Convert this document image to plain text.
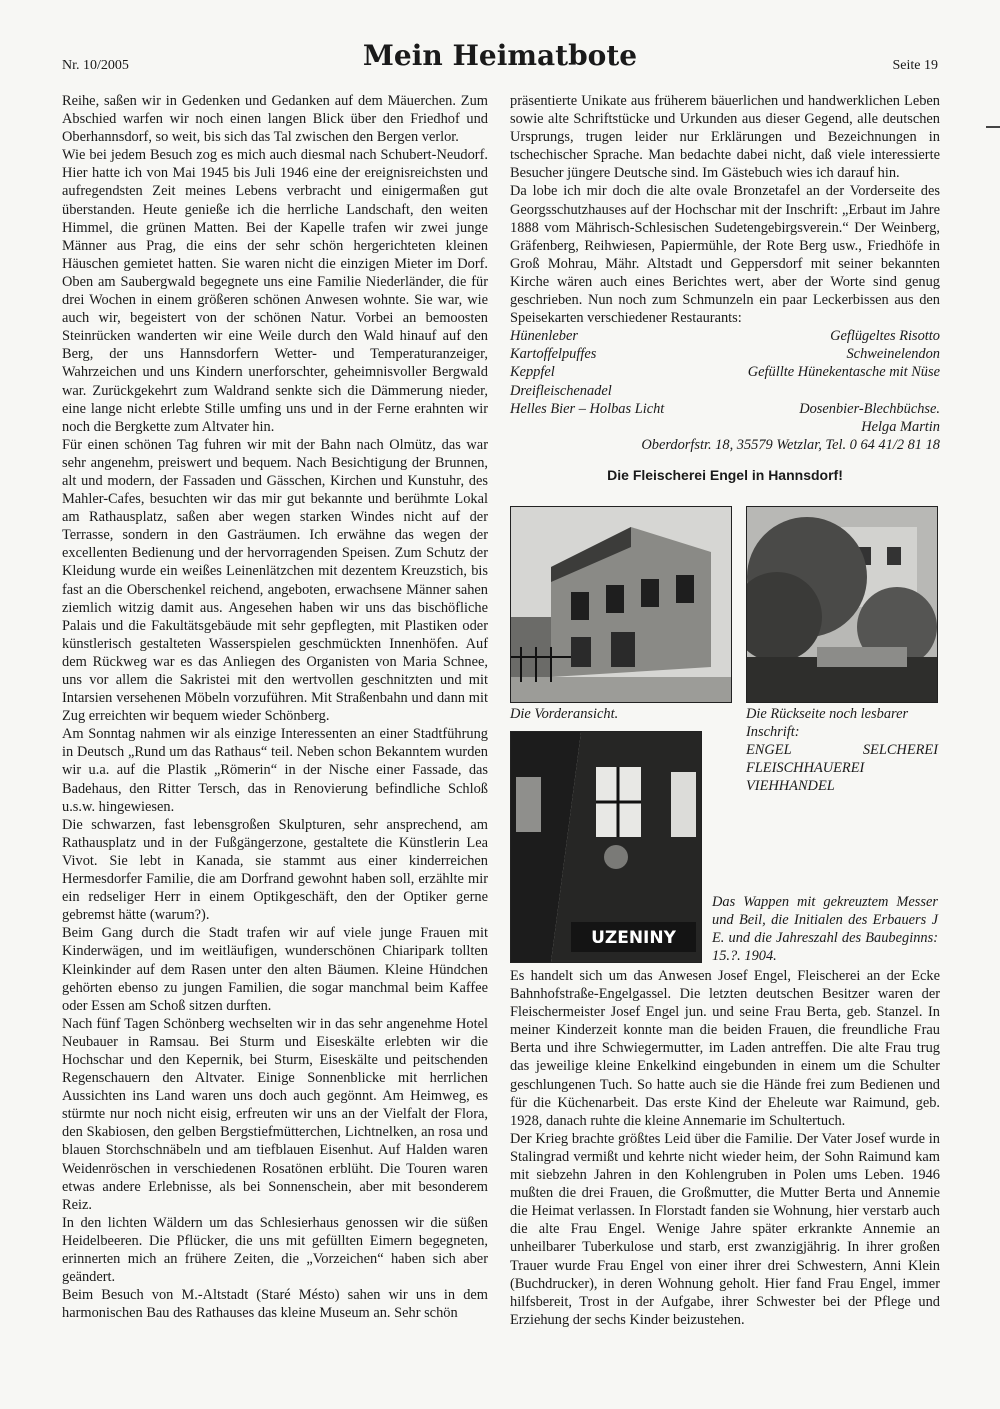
Nr. 10/2005	Mein Heimatbote	Seite 19

Reihe, saßen wir in Gedenken und Gedanken auf dem Mäuerchen. Zum Abschied warfen wir noch einen langen Blick über den Friedhof und Oberhannsdorf, so weit, bis sich das Tal zwischen den Bergen verlor.

Wie bei jedem Besuch zog es mich auch diesmal nach Schubert-Neudorf. Hier hatte ich von Mai 1945 bis Juli 1946 eine der ereignisreichsten und aufregendsten Zeit meines Lebens verbracht und einigermaßen gut überstanden. Heute genieße ich die herrliche Landschaft, den weiten Himmel, die grünen Matten. Bei der Kapelle trafen wir zwei junge Männer aus Prag, die eins der sehr schön hergerichteten kleinen Häuschen gemietet hatten. Sie waren nicht die einzigen Mieter im Dorf. Oben am Saubergwald begegnete uns eine Familie Niederländer, die für drei Wochen in einem größeren schönen Anwesen wohnte. Sie war, wie auch wir, begeistert von der schönen Natur. Vorbei an bemoosten Steinrücken wanderten wir eine Weile durch den Wald hinauf auf den Berg, der uns Hannsdorfern Wetter- und Temperaturanzeiger, Wahrzeichen und uns Kindern unerforschter, geheimnisvoller Bergwald war. Zurückgekehrt zum Waldrand senkte sich die Dämmerung nieder, eine lange nicht erlebte Stille umfing uns und in der Ferne erahnten wir noch die Bergkette zum Altvater hin.

Für einen schönen Tag fuhren wir mit der Bahn nach Olmütz, das war sehr angenehm, preiswert und bequem. Nach Besichtigung der Brunnen, alt und modern, der Fassaden und Gässchen, Kirchen und Kunstuhr, des Mahler-Cafes, besuchten wir das mir gut bekannte und berühmte Lokal am Rathausplatz, saßen aber wegen starken Windes nicht auf der Terrasse, sondern in den Gasträumen. Ich erwähne das wegen der excellenten Bedienung und der hervorragenden Speisen. Zum Schutz der Kleidung wurde ein weißes Leinenlätzchen mit dezentem Kreuzstich, bis fast an die Oberschenkel reichend, angeboten, erwachsene Männer sahen ziemlich witzig damit aus. Angesehen haben wir uns das bischöfliche Palais und die Fakultätsgebäude mit sehr gepflegten, mit Plastiken oder künstlerisch gestalteten Wasserspielen geschmückten Innenhöfen. Auf dem Rückweg war es das Anliegen des Organisten von Maria Schnee, uns vor allem die Sakristei mit den wertvollen geschnitzten und mit Intarsien versehenen Möbeln vorzuführen. Mit Straßenbahn und dann mit Zug erreichten wir bequem wieder Schönberg.

Am Sonntag nahmen wir als einzige Interessenten an einer Stadtführung in Deutsch „Rund um das Rathaus“ teil. Neben schon Bekanntem wurden wir u.a. auf die Plastik „Römerin“ in der Nische einer Fassade, das Badehaus, den Ritter Tersch, das in Renovierung befindliche Schloß u.s.w. hingewiesen.

Die schwarzen, fast lebensgroßen Skulpturen, sehr ansprechend, am Rathausplatz und in der Fußgängerzone, gestaltete die Künstlerin Lea Vivot. Sie lebt in Kanada, sie stammt aus einer kinderreichen Hermesdorfer Familie, die am Dorfrand gewohnt haben soll, erzählte mir ein redseliger Herr in einem Optikgeschäft, den der Optiker gerne gebremst hätte (warum?).

Beim Gang durch die Stadt trafen wir auf viele junge Frauen mit Kinderwägen, und im weitläufigen, wunderschönen Chiaripark tollten Kleinkinder auf dem Rasen unter den alten Bäumen. Kleine Hündchen gehörten ebenso zu jungen Familien, die sogar manchmal beim Kaffee oder Essen am Schoß sitzen durften.

Nach fünf Tagen Schönberg wechselten wir in das sehr angenehme Hotel Neubauer in Ramsau. Bei Sturm und Eiseskälte erlebten wir die Hochschar und den Kepernik, bei Sturm, Eiseskälte und peitschenden Regenschauern den Altvater. Einige Sonnenblicke mit herrlichen Aussichten ins Land waren uns doch auch gegönnt. Am Heimweg, es stürmte nur noch nicht eisig, erfreuten wir uns an der Vielfalt der Flora, den Skabiosen, den gelben Bergstiefmütterchen, Lichtnelken, an rosa und blauen Storchschnäbeln und am tiefblauen Eisenhut. Auf Halden waren Weidenröschen in verschiedenen Rosatönen erblüht. Die Touren waren etwas andere Erlebnisse, als bei Sonnenschein, aber mit besonderem Reiz.

In den lichten Wäldern um das Schlesierhaus genossen wir die süßen Heidelbeeren. Die Pflücker, die uns mit gefüllten Eimern begegneten, erinnerten mich an frühere Zeiten, die „Vorzeichen“ haben sich aber geändert.

Beim Besuch von M.-Altstadt (Staré Mésto) sahen wir uns in dem harmonischen Bau des Rathauses das kleine Museum an. Sehr schön

präsentierte Unikate aus früherem bäuerlichen und handwerklichen Leben sowie alte Schriftstücke und Urkunden aus dieser Gegend, alle deutschen Ursprungs, trugen leider nur Erklärungen und Bezeichnungen in tschechischer Sprache. Man bedachte dabei nicht, daß viele interessierte Besucher jüngere Deutsche sind. Im Gästebuch wies ich darauf hin.

Da lobe ich mir doch die alte ovale Bronzetafel an der Vorderseite des Georgsschutzhauses auf der Hochschar mit der Inschrift: „Erbaut im Jahre 1888 vom Mährisch-Schlesischen Sudetengebirgsverein.“ Der Weinberg, Gräfenberg, Reihwiesen, Papiermühle, der Rote Berg usw., Friedhöfe in Groß Mohrau, Mähr. Altstadt und Geppersdorf mit seiner bekannten Kirche wären auch eines Berichtes wert, aber der Worte sind genug geschrieben. Nun noch zum Schmunzeln ein paar Leckerbissen aus den Speisekarten verschiedener Restaurants:

Hünenleber	Geflügeltes Risotto
Kartoffelpuffes	Schweinelendon
Keppfel	Gefüllte Hünekentasche mit Nüse
Dreifleischenadel
Helles Bier – Holbas Licht	Dosenbier-Blechbüchse.
Helga Martin
Oberdorfstr. 18, 35579 Wetzlar, Tel. 0 64 41/2 81 18
Die Fleischerei Engel in Hannsdorf!
Die Vorderansicht.	Die Rückseite noch lesbarer
Inschrift:
ENGEL	SELCHEREI
FLEISCHHAUEREI
VIEHHANDEL
UZENINY
Das Wappen mit gekreuztem Messer und Beil, die Initialen des Erbauers J E. und die Jahreszahl des Baubeginns: 15.?. 1904.

Es handelt sich um das Anwesen Josef Engel, Fleischerei an der Ecke Bahnhofstraße-Engelgassel. Die letzten deutschen Besitzer waren der Fleischermeister Josef Engel jun. und seine Frau Berta, geb. Stanzel. In meiner Kinderzeit konnte man die beiden Frauen, die freundliche Frau Berta und ihre Schwiegermutter, im Laden antreffen. Die alte Frau trug das jeweilige kleine Enkelkind eingebunden in einem um die Schulter geschlungenen Tuch. So hatte auch sie die Hände frei zum Bedienen und für die Küchenarbeit. Das erste Kind der Eheleute war Raimund, geb. 1928, danach ruhte die kleine Annemarie im Schultertuch.

Der Krieg brachte größtes Leid über die Familie. Der Vater Josef wurde in Stalingrad vermißt und kehrte nicht wieder heim, der Sohn Raimund kam mit siebzehn Jahren in den Kohlengruben in Polen ums Leben. 1946 mußten die drei Frauen, die Großmutter, die Mutter Berta und Annemie die Heimat verlassen. In Florstadt fanden sie Wohnung, hier verstarb auch die alte Frau Engel. Wenige Jahre später erkrankte Annemie an unheilbarer Tuberkulose und starb, erst zwanzigjährig. In ihrer großen Trauer wurde Frau Engel von einer ihrer drei Schwestern, Anni Klein (Buchdrucker), in deren Wohnung geholt. Hier fand Frau Engel, immer hilfsbereit, Trost in der Aufgabe, ihrer Schwester bei der Pflege und Erziehung der sechs Kinder beizustehen.
